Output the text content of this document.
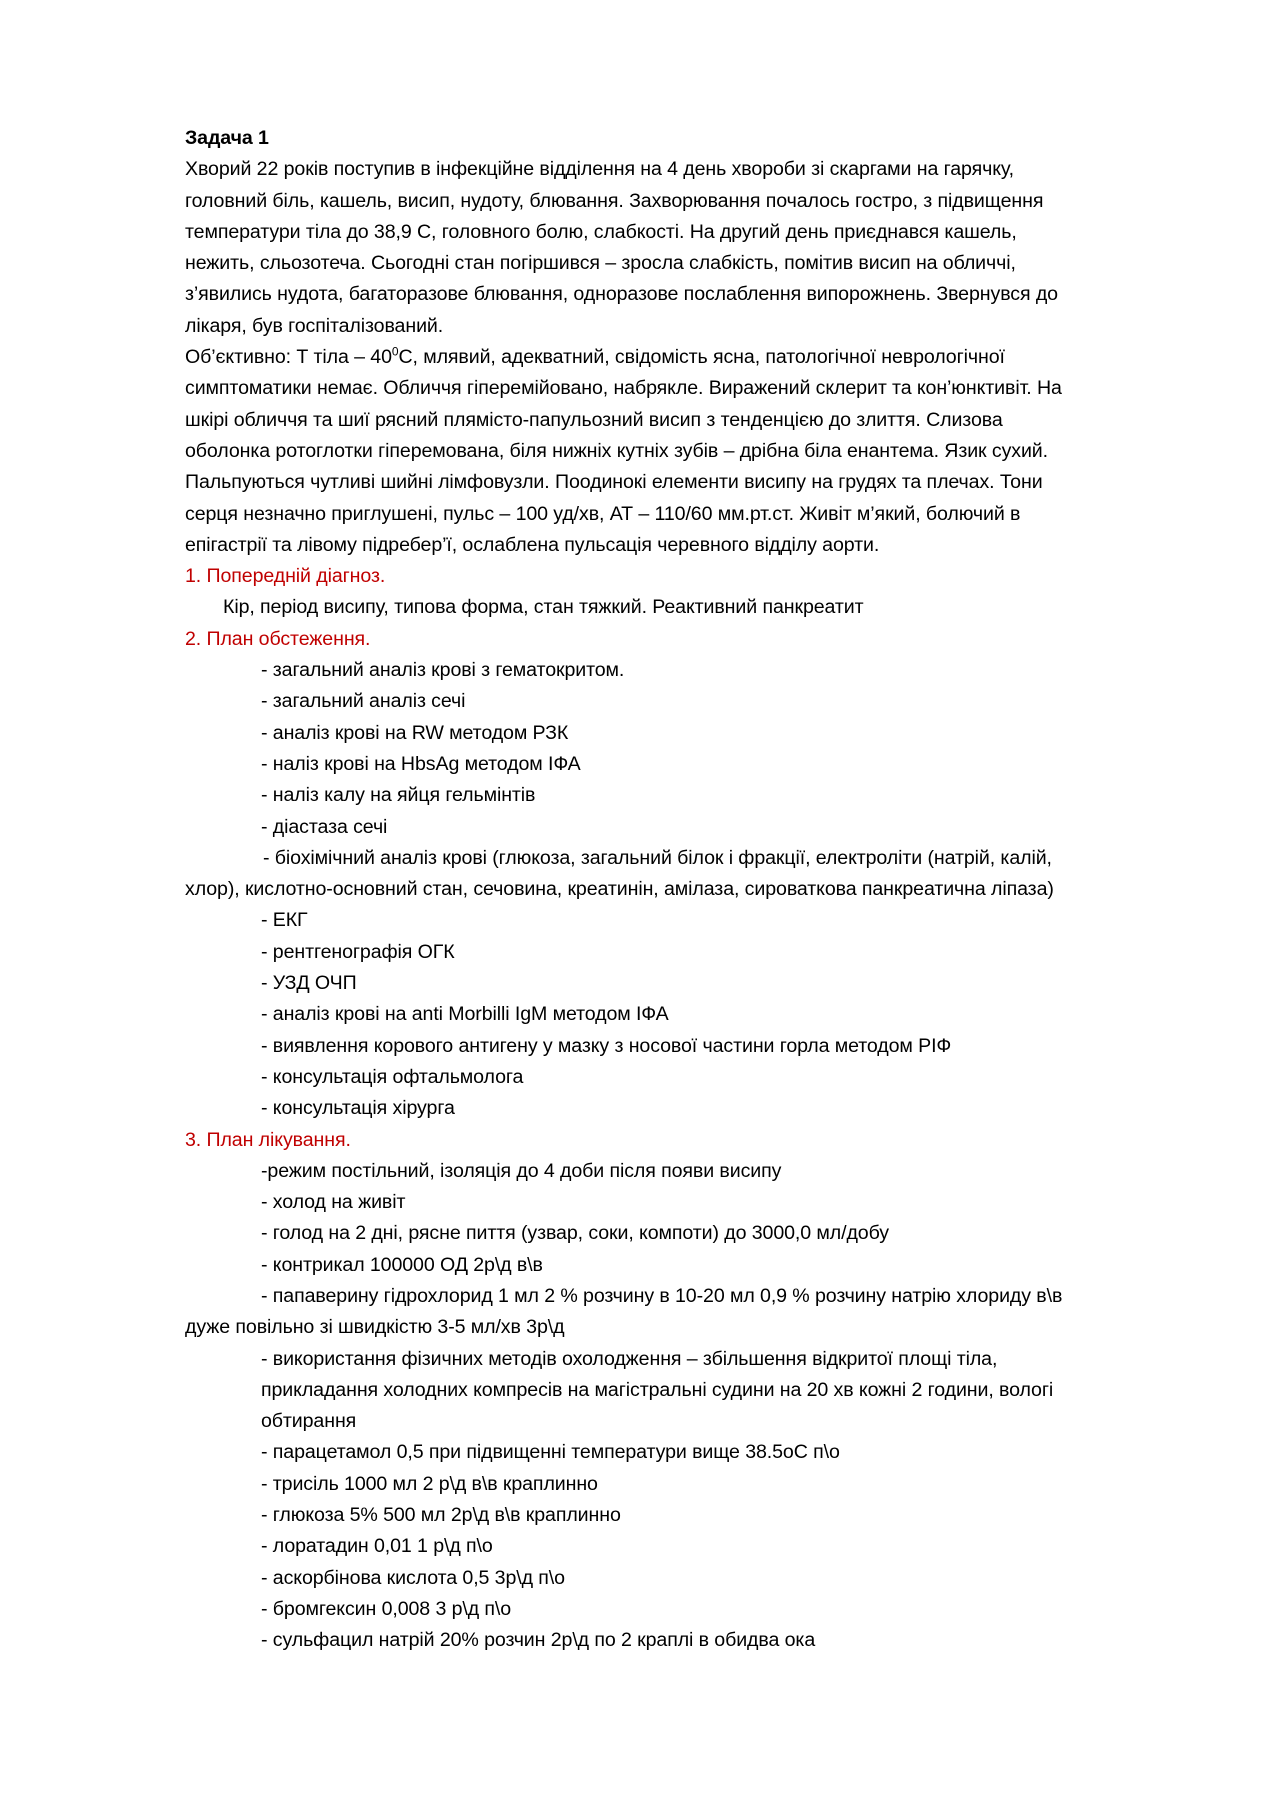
Задача 1
Хворий 22 років поступив в інфекційне відділення на 4 день хвороби зі скаргами на гарячку,
головний біль, кашель, висип, нудоту, блювання. Захворювання почалось гостро, з підвищення
температури тіла до 38,9 С, головного болю, слабкості. На другий день приєднався кашель,
нежить, сльозотеча. Сьогодні стан погіршився – зросла слабкість, помітив висип на обличчі,
з’явились нудота, багаторазове блювання, одноразове послаблення випорожнень. Звернувся до
лікаря, був госпіталізований.
Об’єктивно: Т тіла – $40^0С$, млявий, адекватний, свідомість ясна, патологічної неврологічної
симптоматики немає. Обличчя гіперемійовано, набрякле. Виражений склерит та кон’юнктивіт. На
шкірі обличчя та шиї рясний плямісто-папульозний висип з тенденцією до злиття. Слизова
оболонка ротоглотки гіперемована, біля нижніх кутніх зубів – дрібна біла енантема. Язик сухий.
Пальпуються чутливі шийні лімфовузли. Поодинокі елементи висипу на грудях та плечах. Тони
серця незначно приглушені, пульс – 100 уд/хв, АТ – 110/60 мм.рт.ст. Живіт м’який, болючий в
епігастрії та лівому підребер’ї, ослаблена пульсація черевного відділу аорти.
1. Попередній діагноз.
Кір, період висипу, типова форма, стан тяжкий. Реактивний панкреатит
2. План обстеження.
- загальний аналіз крові з гематокритом.
- загальний аналіз сечі
- аналіз крові на RW методом РЗК
- наліз крові на HbsAg методом ІФА
- наліз калу на яйця гельмінтів
- діастаза сечі
- біохімічний аналіз крові (глюкоза, загальний білок і фракції, електроліти (натрій, калій,
хлор), кислотно-основний стан, сечовина, креатинін, амілаза, сироваткова панкреатична ліпаза)
- ЕКГ
- рентгенографія ОГК
- УЗД ОЧП
- аналіз крові на anti Morbilli IgM методом ІФА
- виявлення корового антигену у мазку з носової частини горла методом РІФ
- консультація офтальмолога
- консультація хірурга
3. План лікування.
-режим постільний, ізоляція до 4 доби після появи висипу
- холод на живіт
- голод на 2 дні, рясне пиття (узвар, соки, компоти) до 3000,0 мл/добу
- контрикал 100000 ОД 2р\д в\в
- папаверину гідрохлорид 1 мл 2 % розчину в 10-20 мл 0,9 % розчину натрію хлориду в\в
дуже повільно зі швидкістю 3-5 мл/хв 3р\д
- використання фізичних методів охолодження – збільшення відкритої площі тіла,
прикладання холодних компресів на магістральні судини на 20 хв кожні 2 години, вологі
обтирання
- парацетамол 0,5 при підвищенні температури вище 38.5оС п\о
- трисіль 1000 мл 2 р\д в\в краплинно
- глюкоза 5% 500 мл 2р\д в\в краплинно
- лоратадин 0,01 1 р\д п\о
- аскорбінова кислота 0,5 3р\д п\о
- бромгексин 0,008 3 р\д п\о
- сульфацил натрій 20% розчин 2р\д по 2 краплі в обидва ока
